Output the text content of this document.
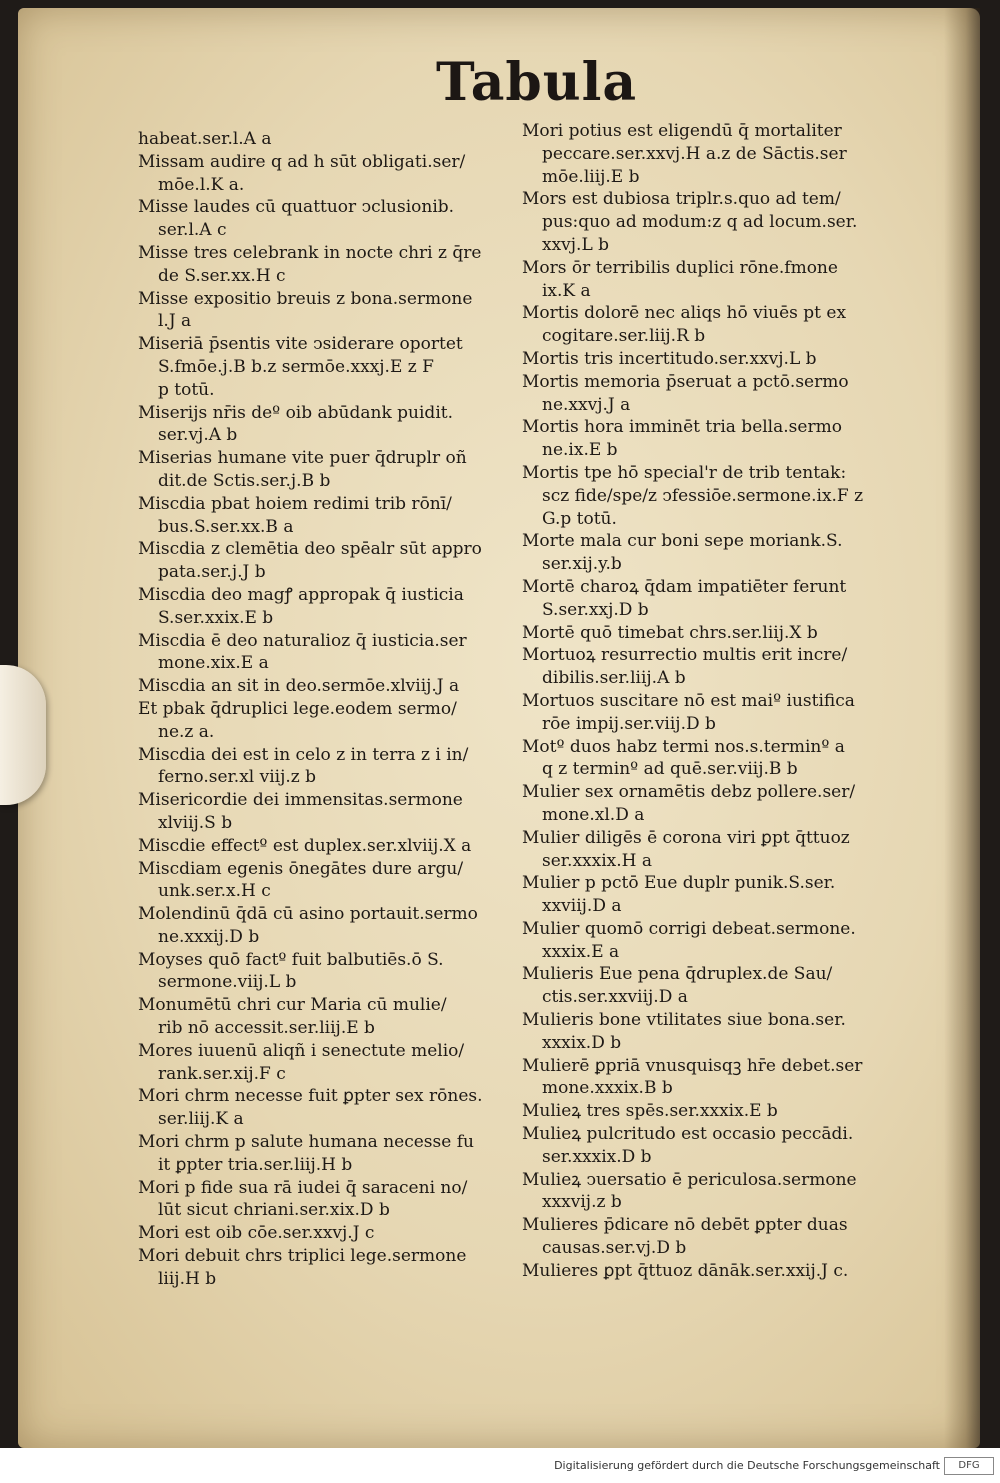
Tabula
habeat.ser.l.A a
Missam audire q ad h sūt obligati.ser/
mōe.l.K a.
Misse laudes cū quattuor ↄclusionib.
ser.l.A c
Misse tres celebrank in nocte chri z q̄re
de S.ser.xx.H c
Misse expositio breuis z bona.sermone
l.J a
Miseriā p̄sentis vite ↄsiderare oportet
S.fmōe.j.B b.z sermōe.xxxj.E z F
p totū.
Miserijs nr̄is deº oib abūdank puidit.
ser.vj.A b
Miserias humane vite puer q̄druplr oñ
dit.de Sctis.ser.j.B b
Miscdia pbat hoiem redimi trib rōnī/
bus.S.ser.xx.B a
Miscdia z clemētia deo spēalr sūt appro
pata.ser.j.J b
Miscdia deo magꝭ appropak q̄ iusticia
S.ser.xxix.E b
Miscdia ē deo naturalioz q̄ iusticia.ser
mone.xix.E a
Miscdia an sit in deo.sermōe.xlviij.J a
Et pbak q̄druplici lege.eodem sermo/
ne.z a.
Miscdia dei est in celo z in terra z i in/
ferno.ser.xl viij.z b
Misericordie dei immensitas.sermone
xlviij.S b
Miscdie effectº est duplex.ser.xlviij.X a
Miscdiam egenis ōnegātes dure argu/
unk.ser.x.H c
Molendinū q̄dā cū asino portauit.sermo
ne.xxxij.D b
Moyses quō factº fuit balbutiēs.ō S.
sermone.viij.L b
Monumētū chri cur Maria cū mulie/
rib nō accessit.ser.liij.E b
Mores iuuenū aliqñ i senectute melio/
rank.ser.xij.F c
Mori chrm necesse fuit ꝑpter sex rōnes.
ser.liij.K a
Mori chrm p salute humana necesse fu
it ꝑpter tria.ser.liij.H b
Mori p fide sua rā iudei q̄ saraceni no/
lūt sicut chriani.ser.xix.D b
Mori est oib cōe.ser.xxvj.J c
Mori debuit chrs triplici lege.sermone
liij.H b
Mori potius est eligendū q̄ mortaliter
peccare.ser.xxvj.H a.z de Sāctis.ser
mōe.liij.E b
Mors est dubiosa triplr.s.quo ad tem/
pus:quo ad modum:z q ad locum.ser.
xxvj.L b
Mors ōr terribilis duplici rōne.fmone
ix.K a
Mortis dolorē nec aliqs hō viuēs pt ex
cogitare.ser.liij.R b
Mortis tris incertitudo.ser.xxvj.L b
Mortis memoria p̄seruat a pctō.sermo
ne.xxvj.J a
Mortis hora imminēt tria bella.sermo
ne.ix.E b
Mortis tpe hō special'r de trib tentak:
scz fide/spe/z ↄfessiōe.sermone.ix.F z
G.p totū.
Morte mala cur boni sepe moriank.S.
ser.xij.y.b
Mortē charoꝝ q̄dam impatiēter ferunt
S.ser.xxj.D b
Mortē quō timebat chrs.ser.liij.X b
Mortuoꝝ resurrectio multis erit incre/
dibilis.ser.liij.A b
Mortuos suscitare nō est maiº iustifica
rōe impij.ser.viij.D b
Motº duos habz termi nos.s.terminº a
q z terminº ad quē.ser.viij.B b
Mulier sex ornamētis debz pollere.ser/
mone.xl.D a
Mulier diligēs ē corona viri ꝑpt q̄ttuoz
ser.xxxix.H a
Mulier p pctō Eue duplr punik.S.ser.
xxviij.D a
Mulier quomō corrigi debeat.sermone.
xxxix.E a
Mulieris Eue pena q̄druplex.de Sau/
ctis.ser.xxviij.D a
Mulieris bone vtilitates siue bona.ser.
xxxix.D b
Mulierē ꝑpriā vnusquisqꝫ hr̄e debet.ser
mone.xxxix.B b
Mulieꝝ tres spēs.ser.xxxix.E b
Mulieꝝ pulcritudo est occasio peccādi.
ser.xxxix.D b
Mulieꝝ ↄuersatio ē periculosa.sermone
xxxvij.z b
Mulieres p̄dicare nō debēt ꝑpter duas
causas.ser.vj.D b
Mulieres ꝑpt q̄ttuoz dānāk.ser.xxij.J c.
Digitalisierung gefördert durch die Deutsche Forschungsgemeinschaft	DFG
